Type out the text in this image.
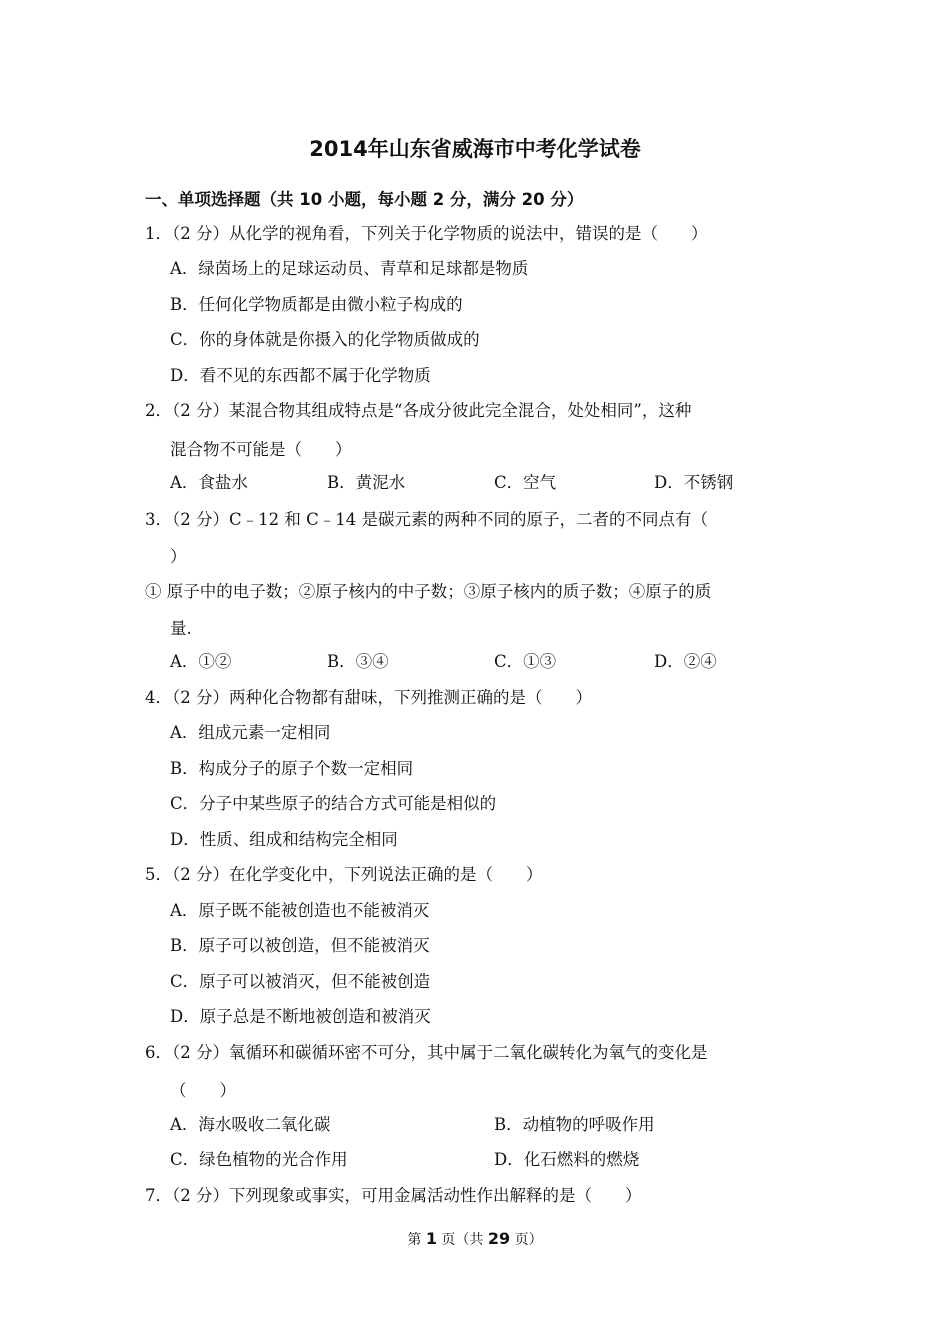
2014年山东省威海市中考化学试卷
一、单项选择题（共 10 小题，每小题 2 分，满分 20 分）
1．（2 分）从化学的视角看，下列关于化学物质的说法中，错误的是（　　）
A．绿茵场上的足球运动员、青草和足球都是物质
B．任何化学物质都是由微小粒子构成的
C．你的身体就是你摄入的化学物质做成的
D．看不见的东西都不属于化学物质
2．（2 分）某混合物其组成特点是“各成分彼此完全混合，处处相同”，这种
混合物不可能是（　　）
A．食盐水	B．黄泥水	C．空气	D．不锈钢
3．（2 分）C﹣12 和 C﹣14 是碳元素的两种不同的原子，二者的不同点有（
）
① 原子中的电子数；②原子核内的中子数；③原子核内的质子数；④原子的质
量.
A．①②	B．③④	C．①③	D．②④
4．（2 分）两种化合物都有甜味，下列推测正确的是（　　）
A．组成元素一定相同
B．构成分子的原子个数一定相同
C．分子中某些原子的结合方式可能是相似的
D．性质、组成和结构完全相同
5．（2 分）在化学变化中，下列说法正确的是（　　）
A．原子既不能被创造也不能被消灭
B．原子可以被创造，但不能被消灭
C．原子可以被消灭，但不能被创造
D．原子总是不断地被创造和被消灭
6．（2 分）氧循环和碳循环密不可分，其中属于二氧化碳转化为氧气的变化是
（　　）
A．海水吸收二氧化碳	B．动植物的呼吸作用
C．绿色植物的光合作用	D．化石燃料的燃烧
7．（2 分）下列现象或事实，可用金属活动性作出解释的是（　　）
第 1 页（共 29 页）
